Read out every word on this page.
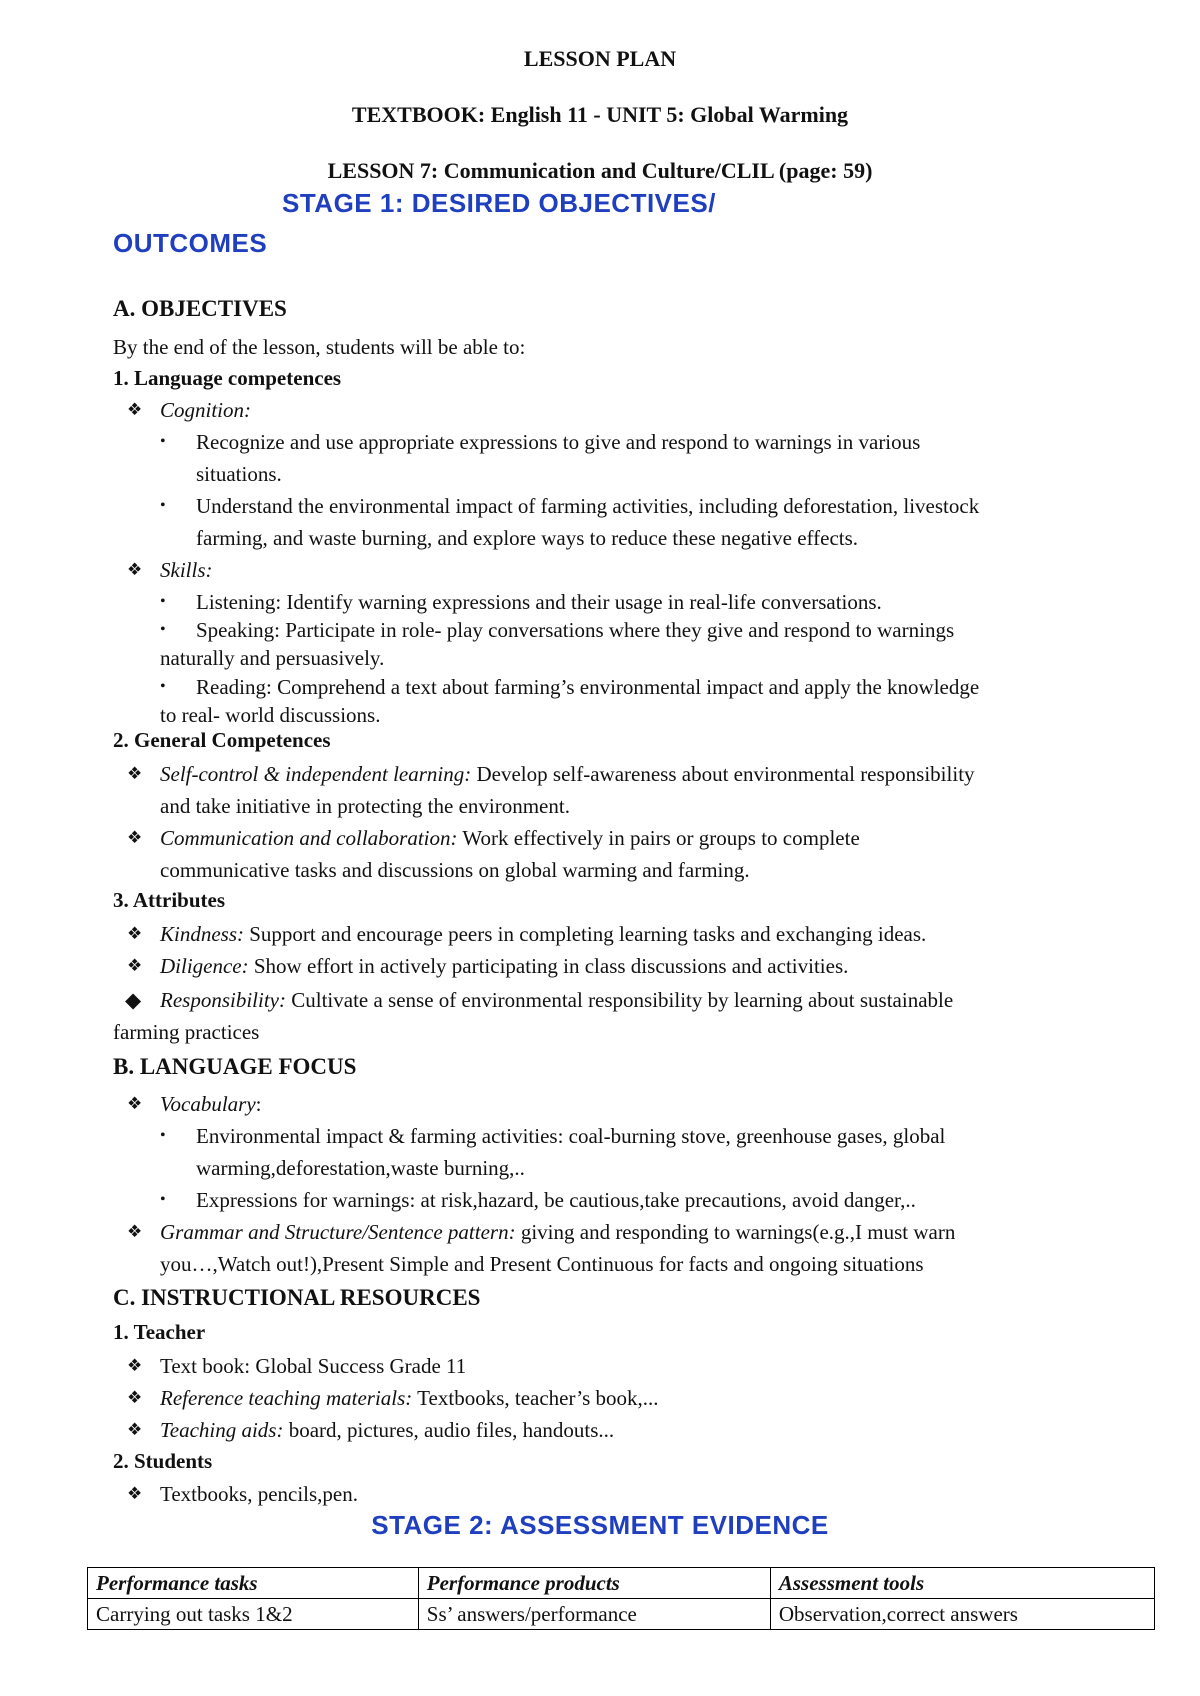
LESSON PLAN
TEXTBOOK: English 11 - UNIT 5: Global Warming
LESSON 7: Communication and Culture/CLIL (page: 59)
STAGE 1: DESIRED OBJECTIVES/
OUTCOMES
A. OBJECTIVES
By the end of the lesson, students will be able to:
1. Language competences
❖ Cognition:
• Recognize and use appropriate expressions to give and respond to warnings in various
situations.
• Understand the environmental impact of farming activities, including deforestation, livestock
farming, and waste burning, and explore ways to reduce these negative effects.
❖ Skills:
• Listening: Identify warning expressions and their usage in real-life conversations.
• Speaking: Participate in role- play conversations where they give and respond to warnings
naturally and persuasively.
• Reading: Comprehend a text about farming’s environmental impact and apply the knowledge
to real- world discussions.
2. General Competences
❖ Self-control & independent learning: Develop self-awareness about environmental responsibility
and take initiative in protecting the environment.
❖ Communication and collaboration: Work effectively in pairs or groups to complete
communicative tasks and discussions on global warming and farming.
3. Attributes
❖ Kindness: Support and encourage peers in completing learning tasks and exchanging ideas.
❖ Diligence: Show effort in actively participating in class discussions and activities.
◆ Responsibility: Cultivate a sense of environmental responsibility by learning about sustainable
farming practices
B. LANGUAGE FOCUS
❖ Vocabulary:
• Environmental impact & farming activities: coal-burning stove, greenhouse gases, global
warming,deforestation,waste burning,..
• Expressions for warnings: at risk,hazard, be cautious,take precautions, avoid danger,..
❖ Grammar and Structure/Sentence pattern: giving and responding to warnings(e.g.,I must warn
you…,Watch out!),Present Simple and Present Continuous for facts and ongoing situations
C. INSTRUCTIONAL RESOURCES
1. Teacher
❖ Text book: Global Success Grade 11
❖ Reference teaching materials: Textbooks, teacher’s book,...
❖ Teaching aids: board, pictures, audio files, handouts...
2. Students
❖ Textbooks, pencils,pen.
STAGE 2: ASSESSMENT EVIDENCE
Performance tasks	Performance products	Assessment tools
Carrying out tasks 1&2	Ss’ answers/performance	Observation,correct answers
